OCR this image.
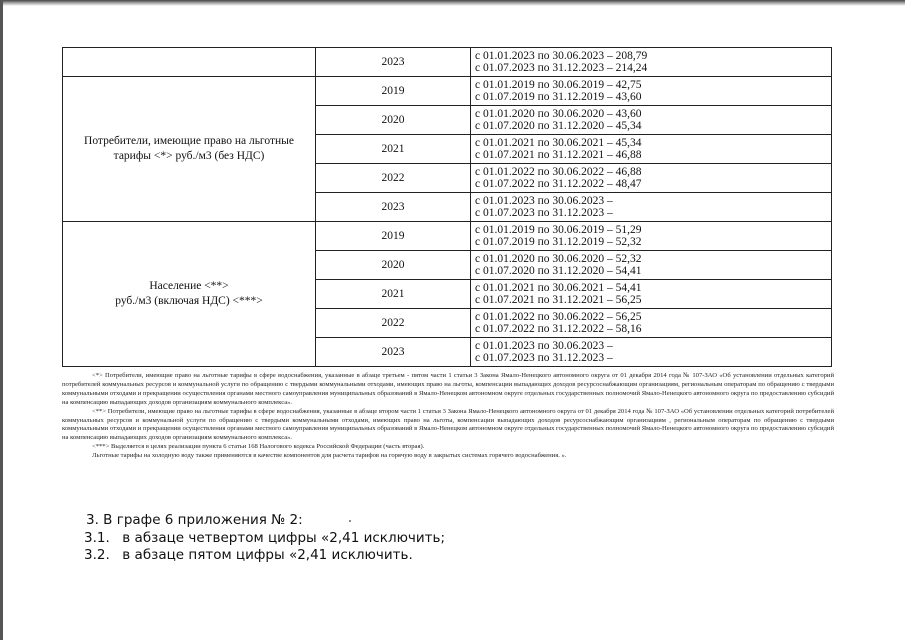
	2023	с 01.01.2023 по 30.06.2023 – 208,79
с 01.07.2023 по 31.12.2023 – 214,24

Потребители, имеющие право на льготные
тарифы <*> руб./м3 (без НДС)	2019	с 01.01.2019 по 30.06.2019 – 42,75
с 01.07.2019 по 31.12.2019 – 43,60

	2020	с 01.01.2020 по 30.06.2020 – 43,60
с 01.07.2020 по 31.12.2020 – 45,34

	2021	с 01.01.2021 по 30.06.2021 – 45,34
с 01.07.2021 по 31.12.2021 – 46,88

	2022	с 01.01.2022 по 30.06.2022 – 46,88
с 01.07.2022 по 31.12.2022 – 48,47

	2023	с 01.01.2023 по 30.06.2023 –
с 01.07.2023 по 31.12.2023 –

Население <**>
руб./м3 (включая НДС) <***>	2019	с 01.01.2019 по 30.06.2019 – 51,29
с 01.07.2019 по 31.12.2019 – 52,32

	2020	с 01.01.2020 по 30.06.2020 – 52,32
с 01.07.2020 по 31.12.2020 – 54,41

	2021	с 01.01.2021 по 30.06.2021 – 54,41
с 01.07.2021 по 31.12.2021 – 56,25

	2022	с 01.01.2022 по 30.06.2022 – 56,25
с 01.07.2022 по 31.12.2022 – 58,16

	2023	с 01.01.2023 по 30.06.2023 –
с 01.07.2023 по 31.12.2023 –

<*> Потребители, имеющие право на льготные тарифы в сфере водоснабжения, указанные в абзаце третьем - пятом части 1 статьи 3 Закона Ямало-Ненецкого автономного округа от 01 декабря 2014 года № 107-ЗАО «Об установлении отдельных категорий потребителей коммунальных ресурсов и коммунальной услуги по обращению с твердыми коммунальными отходами, имеющих право на льготы, компенсации выпадающих доходов ресурсоснабжающим организациям, региональным операторам по обращению с твердыми коммунальными отходами и прекращении осуществления органами местного самоуправления муниципальных образований в Ямало-Ненецком автономном округе отдельных государственных полномочий Ямало-Ненецкого автономного округа по предоставлению субсидий на компенсацию выпадающих доходов организациям коммунального комплекса».

<**> Потребители, имеющие право на льготные тарифы в сфере водоснабжения, указанные в абзаце втором части 1 статьи 3 Закона Ямало-Ненецкого автономного округа от 01 декабря 2014 года № 107-ЗАО «Об установлении отдельных категорий потребителей коммунальных ресурсов и коммунальной услуги по обращению с твердыми коммунальными отходами, имеющих право на льготы, компенсации выпадающих доходов ресурсоснабжающим организациям , региональным операторам по обращению с твердыми коммунальными отходами и прекращении осуществления органами местного самоуправления муниципальных образований в Ямало-Ненецком автономном округе отдельных государственных полномочий Ямало-Ненецкого автономного округа по предоставлению субсидий на компенсацию выпадающих доходов организациям коммунального комплекса».

<***> Выделяется в целях реализации пункта 6 статьи 168 Налогового кодекса Российской Федерации (часть вторая).

Льготные тарифы на холодную воду также применяются в качестве компонентов для расчета тарифов на горячую воду в закрытых системах горячего водоснабжения. ».

3. В графе 6 приложения № 2:
3.1. в абзаце четвертом цифры «2,41 исключить;
3.2. в абзаце пятом цифры «2,41 исключить.
